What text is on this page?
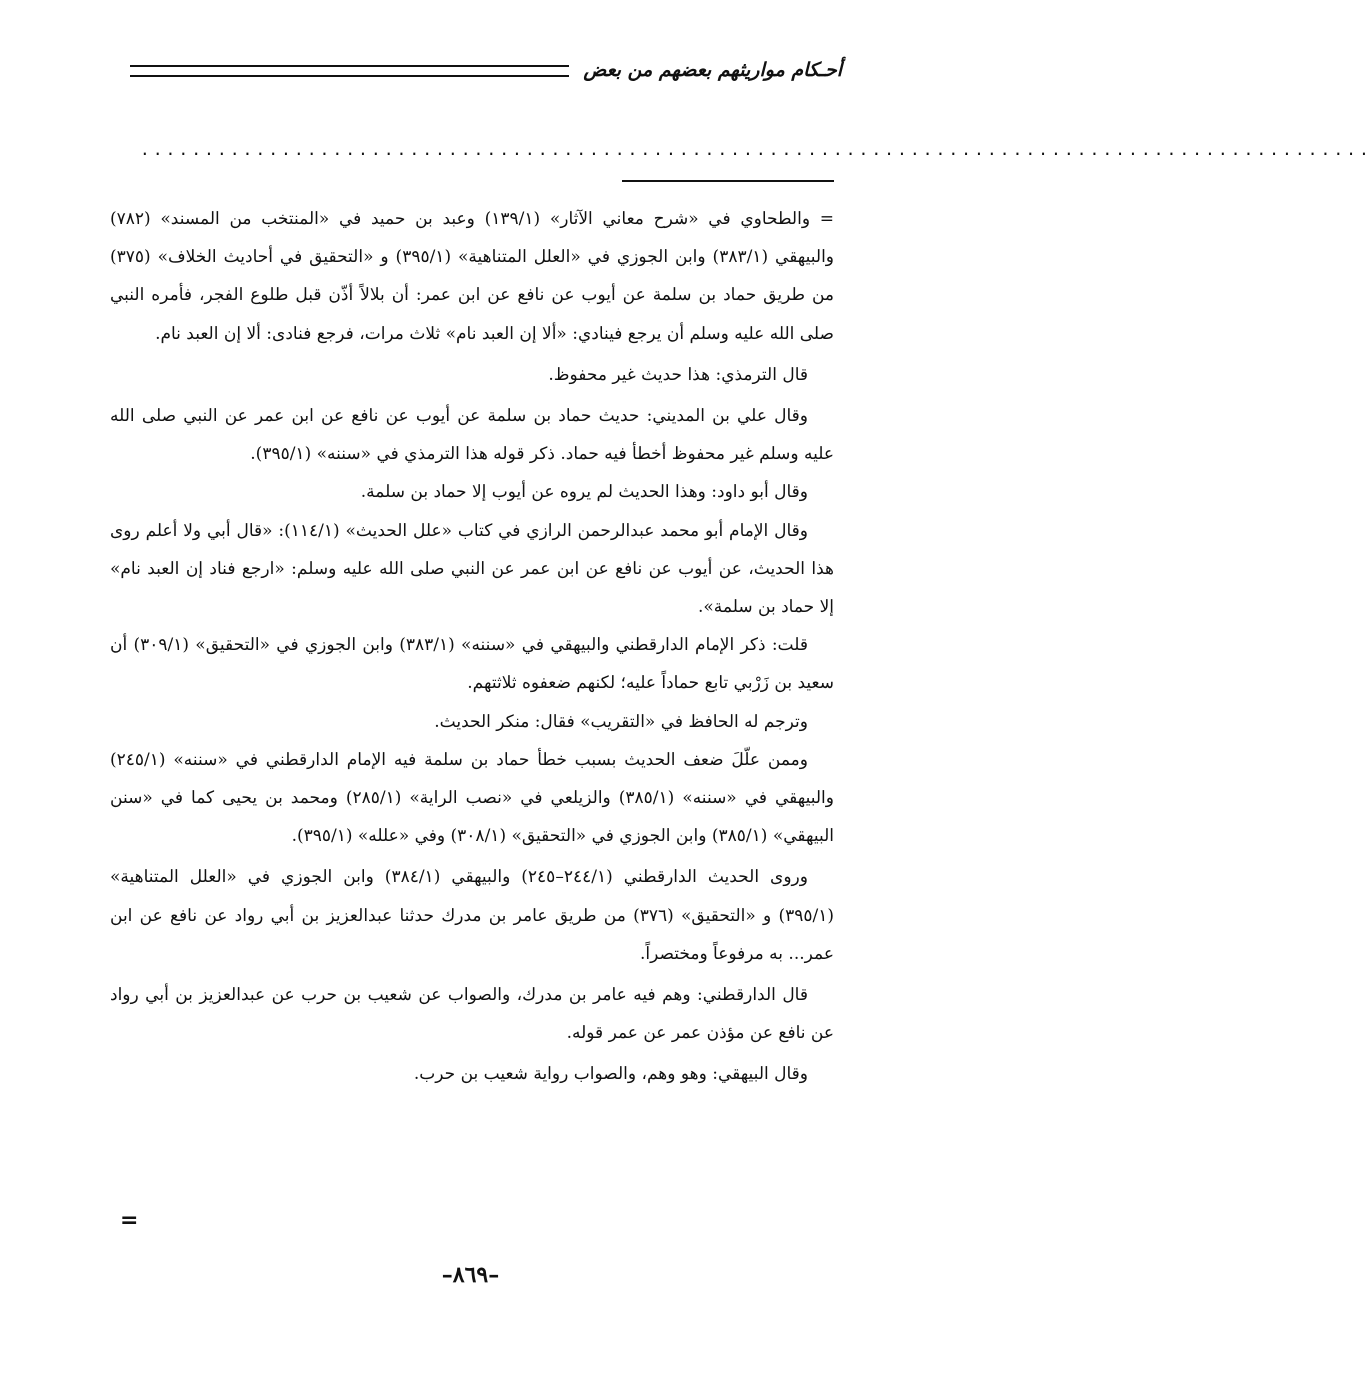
أحـكام مواريثهم بعضهم من بعض
................................................................................................

= والطحاوي في «شرح معاني الآثار» (١٣٩/١) وعبد بن حميد في «المنتخب من المسند» (٧٨٢) والبيهقي (٣٨٣/١) وابن الجوزي في «العلل المتناهية» (٣٩٥/١) و «التحقيق في أحاديث الخلاف» (٣٧٥) من طريق حماد بن سلمة عن أيوب عن نافع عن ابن عمر: أن بلالاً أذّن قبل طلوع الفجر، فأمره النبي صلى الله عليه وسلم أن يرجع فينادي: «ألا إن العبد نام» ثلاث مرات، فرجع فنادى: ألا إن العبد نام.

قال الترمذي: هذا حديث غير محفوظ.

وقال علي بن المديني: حديث حماد بن سلمة عن أيوب عن نافع عن ابن عمر عن النبي صلى الله عليه وسلم غير محفوظ أخطأ فيه حماد. ذكر قوله هذا الترمذي في «سننه» (٣٩٥/١).

وقال أبو داود: وهذا الحديث لم يروه عن أيوب إلا حماد بن سلمة.

وقال الإمام أبو محمد عبدالرحمن الرازي في كتاب «علل الحديث» (١١٤/١): «قال أبي ولا أعلم روى هذا الحديث، عن أيوب عن نافع عن ابن عمر عن النبي صلى الله عليه وسلم: «ارجع فناد إن العبد نام» إلا حماد بن سلمة».

قلت: ذكر الإمام الدارقطني والبيهقي في «سننه» (٣٨٣/١) وابن الجوزي في «التحقيق» (٣٠٩/١) أن سعيد بن زَرْبي تابع حماداً عليه؛ لكنهم ضعفوه ثلاثتهم.

وترجم له الحافظ في «التقريب» فقال: منكر الحديث.

وممن علّلَ ضعف الحديث بسبب خطأ حماد بن سلمة فيه الإمام الدارقطني في «سننه» (٢٤٥/١) والبيهقي في «سننه» (٣٨٥/١) والزيلعي في «نصب الراية» (٢٨٥/١) ومحمد بن يحيى كما في «سنن البيهقي» (٣٨٥/١) وابن الجوزي في «التحقيق» (٣٠٨/١) وفي «علله» (٣٩٥/١).

وروى الحديث الدارقطني (٢٤٤/١–٢٤٥) والبيهقي (٣٨٤/١) وابن الجوزي في «العلل المتناهية» (٣٩٥/١) و «التحقيق» (٣٧٦) من طريق عامر بن مدرك حدثنا عبدالعزيز بن أبي رواد عن نافع عن ابن عمر... به مرفوعاً ومختصراً.

قال الدارقطني: وهم فيه عامر بن مدرك، والصواب عن شعيب بن حرب عن عبدالعزيز بن أبي رواد عن نافع عن مؤذن عمر عن عمر قوله.

وقال البيهقي: وهو وهم، والصواب رواية شعيب بن حرب.

=
–٨٦٩–
